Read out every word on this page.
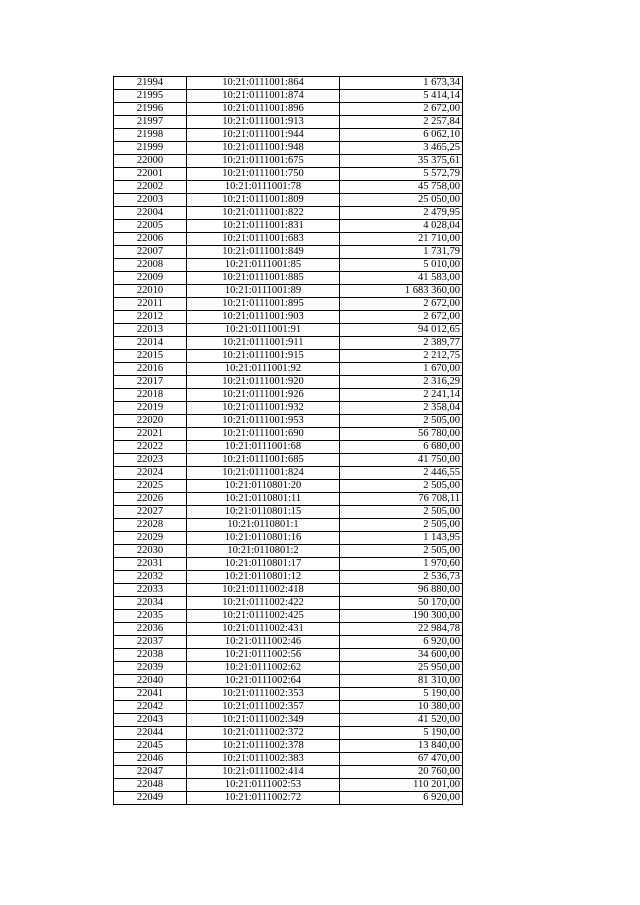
21994	10:21:0111001:864	1 673,34
21995	10:21:0111001:874	5 414,14
21996	10:21:0111001:896	2 672,00
21997	10:21:0111001:913	2 257,84
21998	10:21:0111001:944	6 062,10
21999	10:21:0111001:948	3 465,25
22000	10:21:0111001:675	35 375,61
22001	10:21:0111001:750	5 572,79
22002	10:21:0111001:78	45 758,00
22003	10:21:0111001:809	25 050,00
22004	10:21:0111001:822	2 479,95
22005	10:21:0111001:831	4 028,04
22006	10:21:0111001:683	21 710,00
22007	10:21:0111001:849	1 731,79
22008	10:21:0111001:85	5 010,00
22009	10:21:0111001:885	41 583,00
22010	10:21:0111001:89	1 683 360,00
22011	10:21:0111001:895	2 672,00
22012	10:21:0111001:903	2 672,00
22013	10:21:0111001:91	94 012,65
22014	10:21:0111001:911	2 389,77
22015	10:21:0111001:915	2 212,75
22016	10:21:0111001:92	1 670,00
22017	10:21:0111001:920	2 316,29
22018	10:21:0111001:926	2 241,14
22019	10:21:0111001:932	2 358,04
22020	10:21:0111001:953	2 505,00
22021	10:21:0111001:690	56 780,00
22022	10:21:0111001:68	6 680,00
22023	10:21:0111001:685	41 750,00
22024	10:21:0111001:824	2 446,55
22025	10:21:0110801:20	2 505,00
22026	10:21:0110801:11	76 708,11
22027	10:21:0110801:15	2 505,00
22028	10:21:0110801:1	2 505,00
22029	10:21:0110801:16	1 143,95
22030	10:21:0110801:2	2 505,00
22031	10:21:0110801:17	1 970,60
22032	10:21:0110801:12	2 536,73
22033	10:21:0111002:418	96 880,00
22034	10:21:0111002:422	50 170,00
22035	10:21:0111002:425	190 300,00
22036	10:21:0111002:431	22 984,78
22037	10:21:0111002:46	6 920,00
22038	10:21:0111002:56	34 600,00
22039	10:21:0111002:62	25 950,00
22040	10:21:0111002:64	81 310,00
22041	10:21:0111002:353	5 190,00
22042	10:21:0111002:357	10 380,00
22043	10:21:0111002:349	41 520,00
22044	10:21:0111002:372	5 190,00
22045	10:21:0111002:378	13 840,00
22046	10:21:0111002:383	67 470,00
22047	10:21:0111002:414	20 760,00
22048	10:21:0111002:53	110 201,00
22049	10:21:0111002:72	6 920,00
